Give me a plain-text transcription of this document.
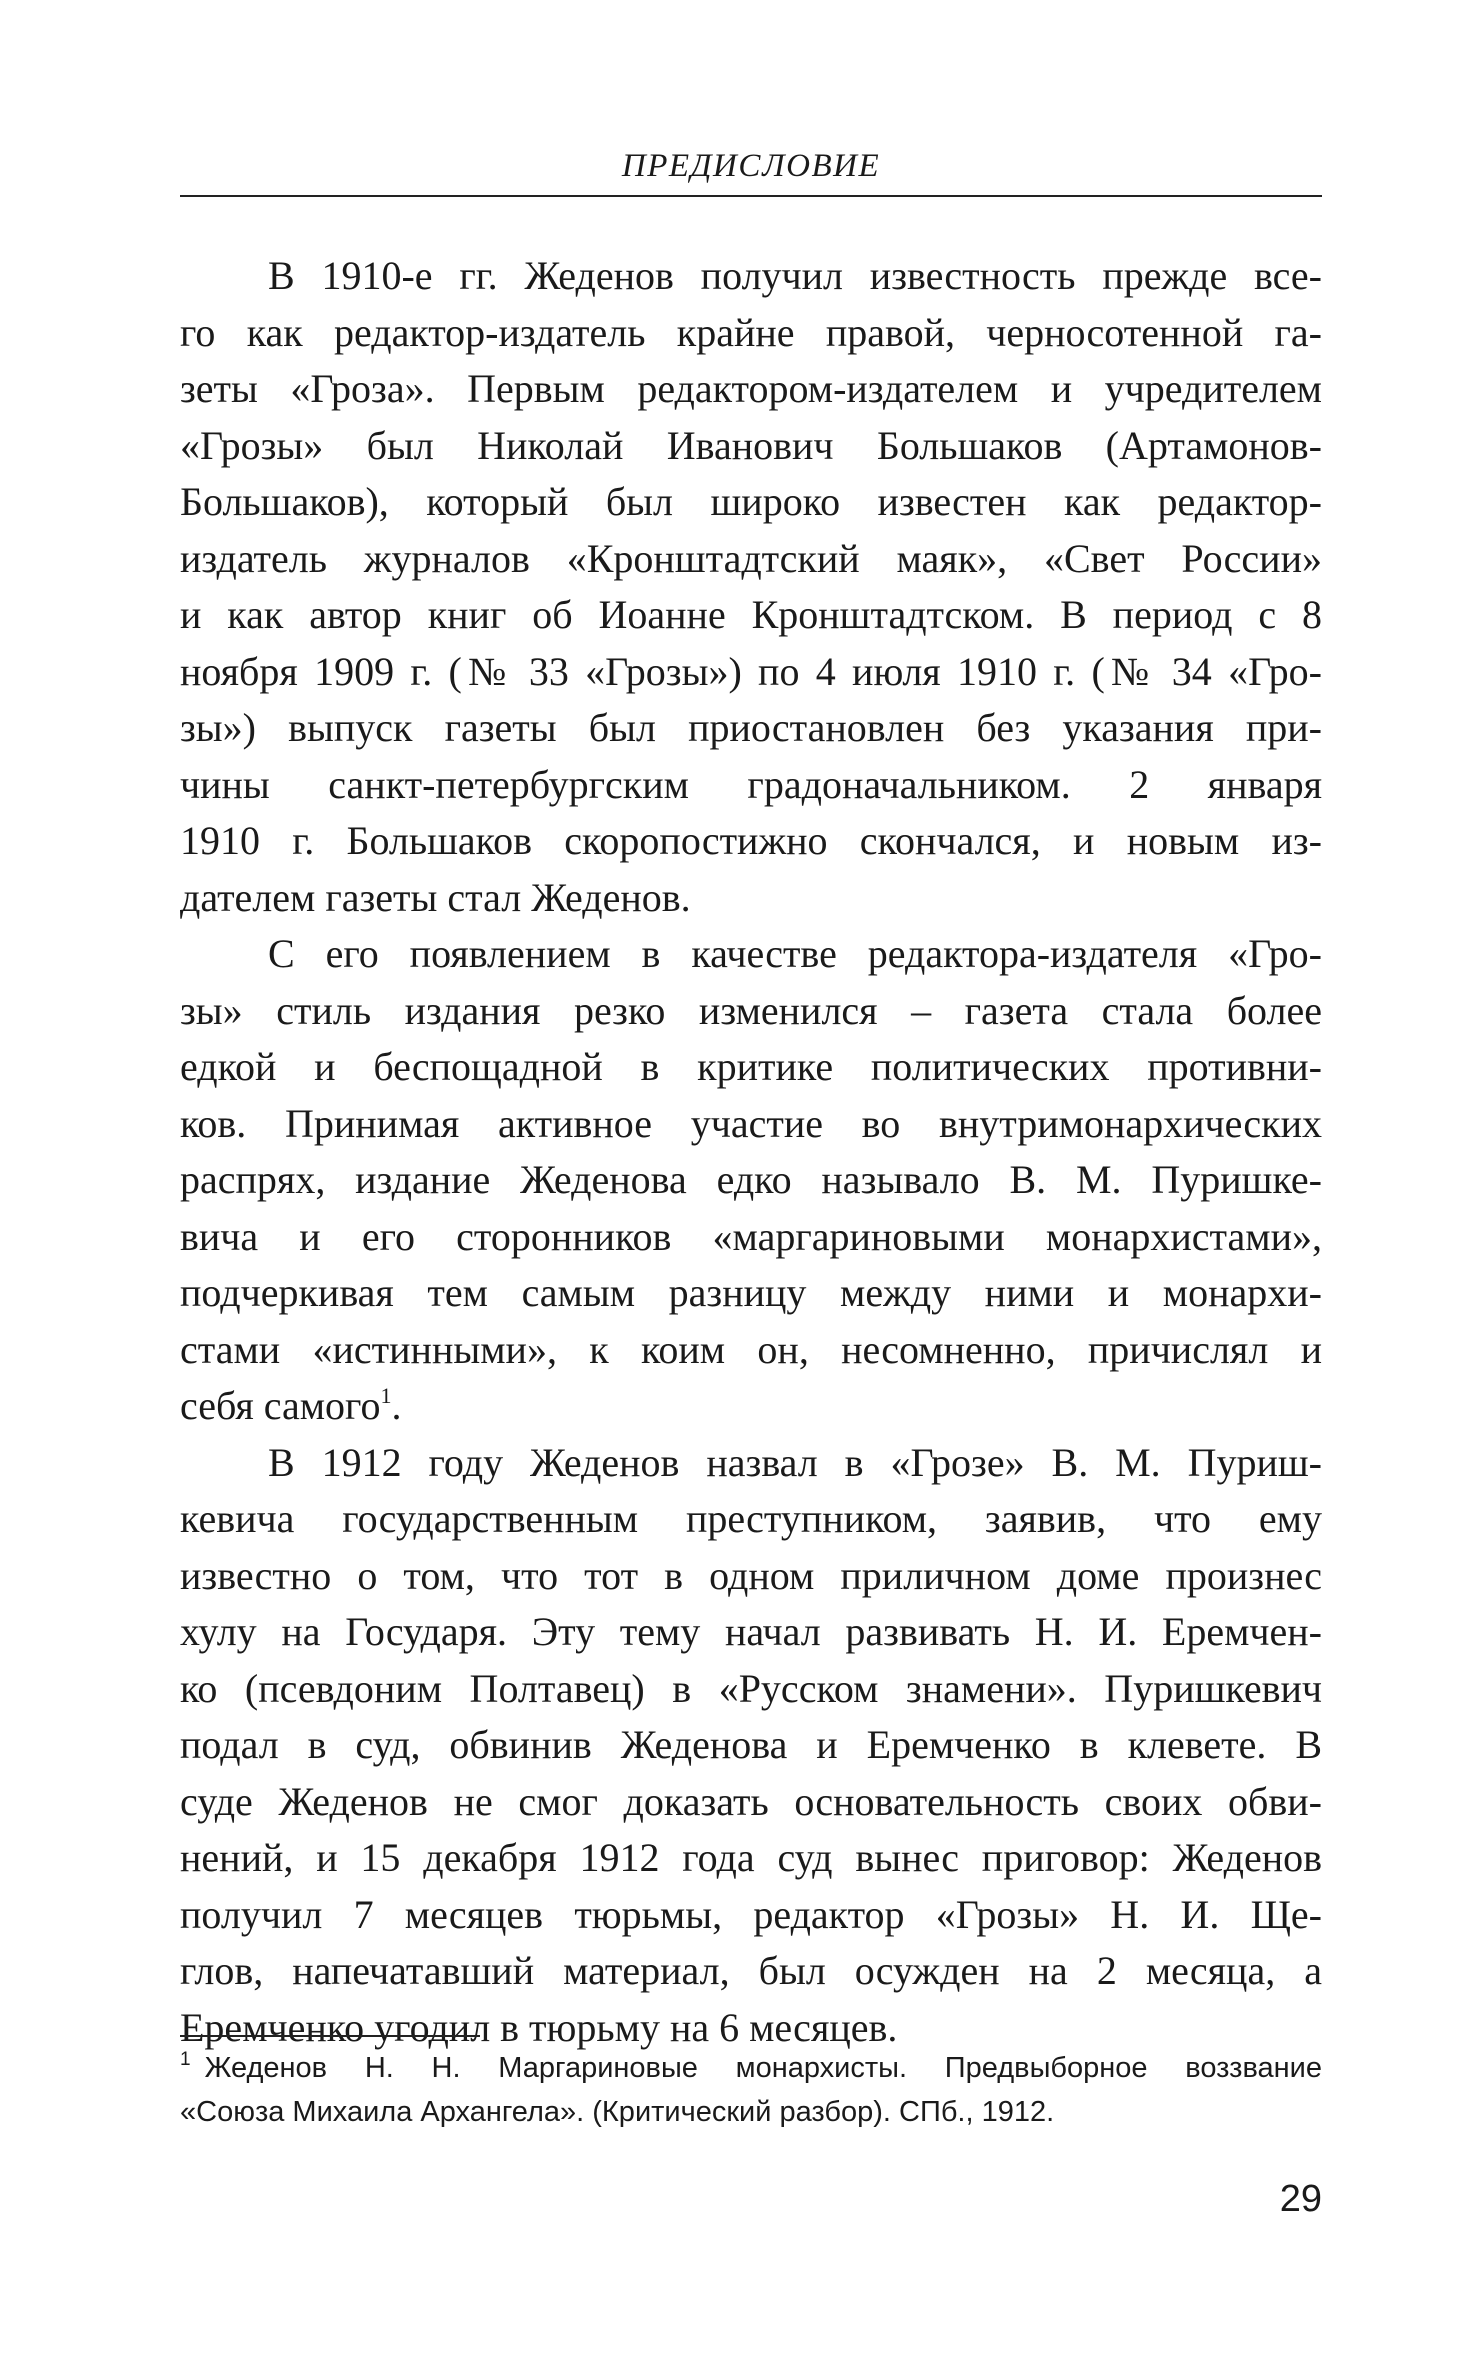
ПРЕДИСЛОВИЕ
В 1910-е гг. Жеденов получил известность прежде все-
го как редактор-издатель крайне правой, черносотенной га-
зеты «Гроза». Первым редактором-издателем и учредителем
«Грозы» был Николай Иванович Большаков (Артамонов-
Большаков), который был широко известен как редактор-
издатель журналов «Кронштадтский маяк», «Свет России»
и как автор книг об Иоанне Кронштадтском. В период с 8
ноября 1909 г. (№ 33 «Грозы») по 4 июля 1910 г. (№ 34 «Гро-
зы») выпуск газеты был приостановлен без указания при-
чины санкт-петербургским градоначальником. 2 января
1910 г. Большаков скоропостижно скончался, и новым из-
дателем газеты стал Жеденов.
С его появлением в качестве редактора-издателя «Гро-
зы» стиль издания резко изменился – газета стала более
едкой и беспощадной в критике политических противни-
ков. Принимая активное участие во внутримонархических
распрях, издание Жеденова едко называло В. М. Пуришке-
вича и его сторонников «маргариновыми монархистами»,
подчеркивая тем самым разницу между ними и монархи-
стами «истинными», к коим он, несомненно, причислял и
себя самого$^1$.
В 1912 году Жеденов назвал в «Грозе» В. М. Пуриш-
кевича государственным преступником, заявив, что ему
известно о том, что тот в одном приличном доме произнес
хулу на Государя. Эту тему начал развивать Н. И. Еремчен-
ко (псевдоним Полтавец) в «Русском знамени». Пуришкевич
подал в суд, обвинив Жеденова и Еремченко в клевете. В
суде Жеденов не смог доказать основательность своих обви-
нений, и 15 декабря 1912 года суд вынес приговор: Жеденов
получил 7 месяцев тюрьмы, редактор «Грозы» Н. И. Ще-
глов, напечатавший материал, был осужден на 2 месяца, а
Еремченко угодил в тюрьму на 6 месяцев.
$^1$ Жеденов Н. Н. Маргариновые монархисты. Предвыборное воззвание
«Союза Михаила Архангела». (Критический разбор). СПб., 1912.
29
